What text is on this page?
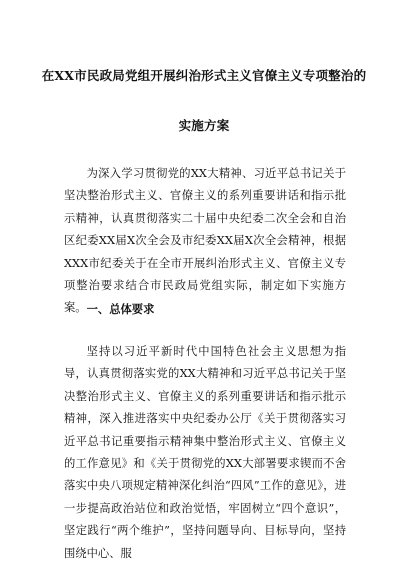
在XX市民政局党组开展纠治形式主义官僚主义专项整治的
实施方案

为深入学习贯彻党的XX大精神、习近平总书记关于坚决整治形式主义、官僚主义的系列重要讲话和指示批示精神，认真贯彻落实二十届中央纪委二次全会和自治区纪委XX届X次全会及市纪委XX届X次全会精神，根据XXX市纪委关于在全市开展纠治形式主义、官僚主义专项整治要求结合市民政局党组实际，制定如下实施方案。 一、总体要求

坚持以习近平新时代中国特色社会主义思想为指导，认真贯彻落实党的XX大精神和习近平总书记关于坚决整治形式主义、官僚主义的系列重要讲话和指示批示精神，深入推进落实中央纪委办公厅《关于贯彻落实习近平总书记重要指示精神集中整治形式主义、官僚主义的工作意见》和《关于贯彻党的XX大部署要求锲而不舍落实中央八项规定精神深化纠治“四风”工作的意见》，进一步提高政治站位和政治觉悟，牢固树立“四个意识”，坚定践行“两个维护”，坚持问题导向、目标导向，坚持围绕中心、服
